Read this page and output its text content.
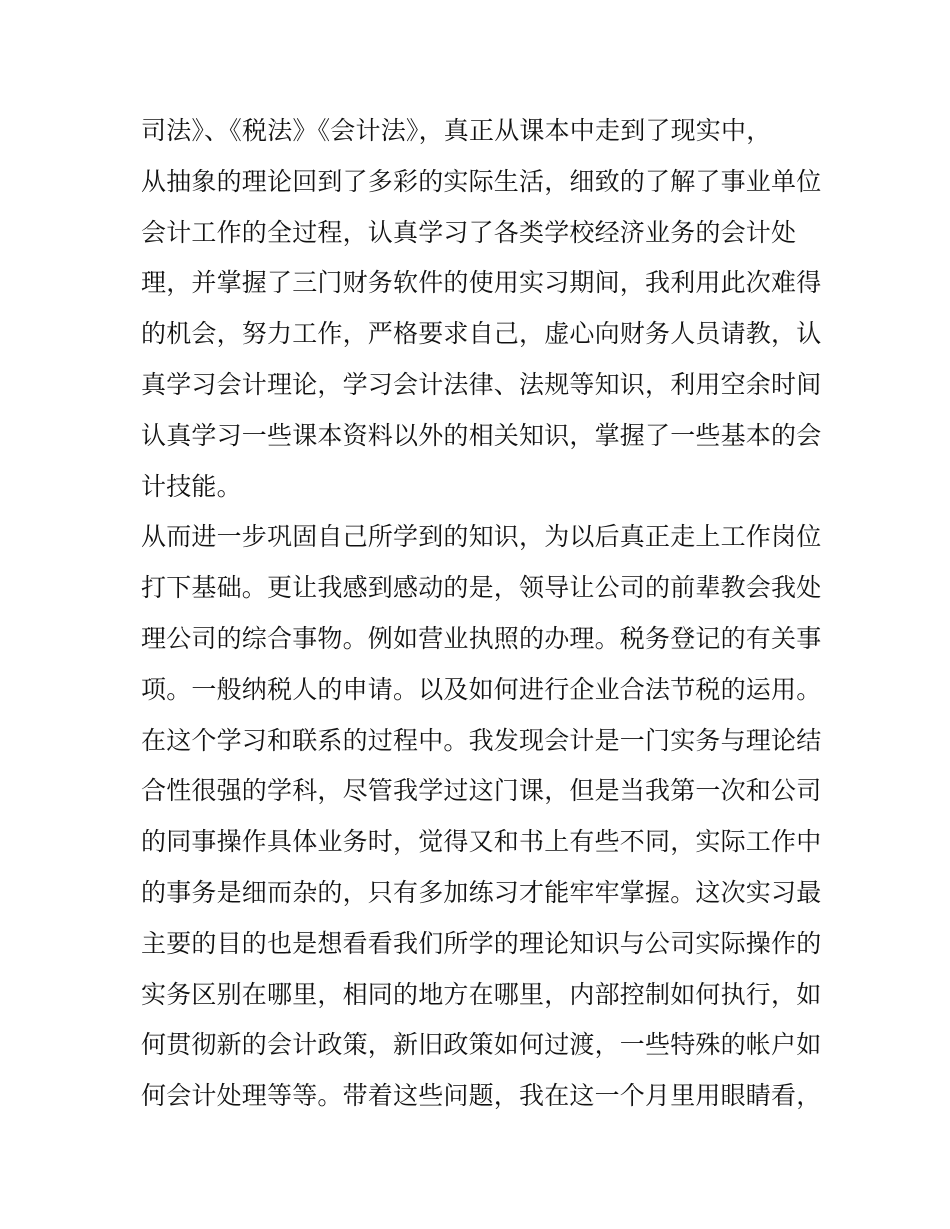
司法》、《税法》《会计法》，真正从课本中走到了现实中，
从抽象的理论回到了多彩的实际生活，细致的了解了事业单位
会计工作的全过程，认真学习了各类学校经济业务的会计处
理，并掌握了三门财务软件的使用实习期间，我利用此次难得
的机会，努力工作，严格要求自己，虚心向财务人员请教，认
真学习会计理论，学习会计法律、法规等知识，利用空余时间
认真学习一些课本资料以外的相关知识，掌握了一些基本的会
计技能。
从而进一步巩固自己所学到的知识，为以后真正走上工作岗位
打下基础。更让我感到感动的是，领导让公司的前辈教会我处
理公司的综合事物。例如营业执照的办理。税务登记的有关事
项。一般纳税人的申请。以及如何进行企业合法节税的运用。
在这个学习和联系的过程中。我发现会计是一门实务与理论结
合性很强的学科，尽管我学过这门课，但是当我第一次和公司
的同事操作具体业务时，觉得又和书上有些不同，实际工作中
的事务是细而杂的，只有多加练习才能牢牢掌握。这次实习最
主要的目的也是想看看我们所学的理论知识与公司实际操作的
实务区别在哪里，相同的地方在哪里，内部控制如何执行，如
何贯彻新的会计政策，新旧政策如何过渡，一些特殊的帐户如
何会计处理等等。带着这些问题，我在这一个月里用眼睛看，
